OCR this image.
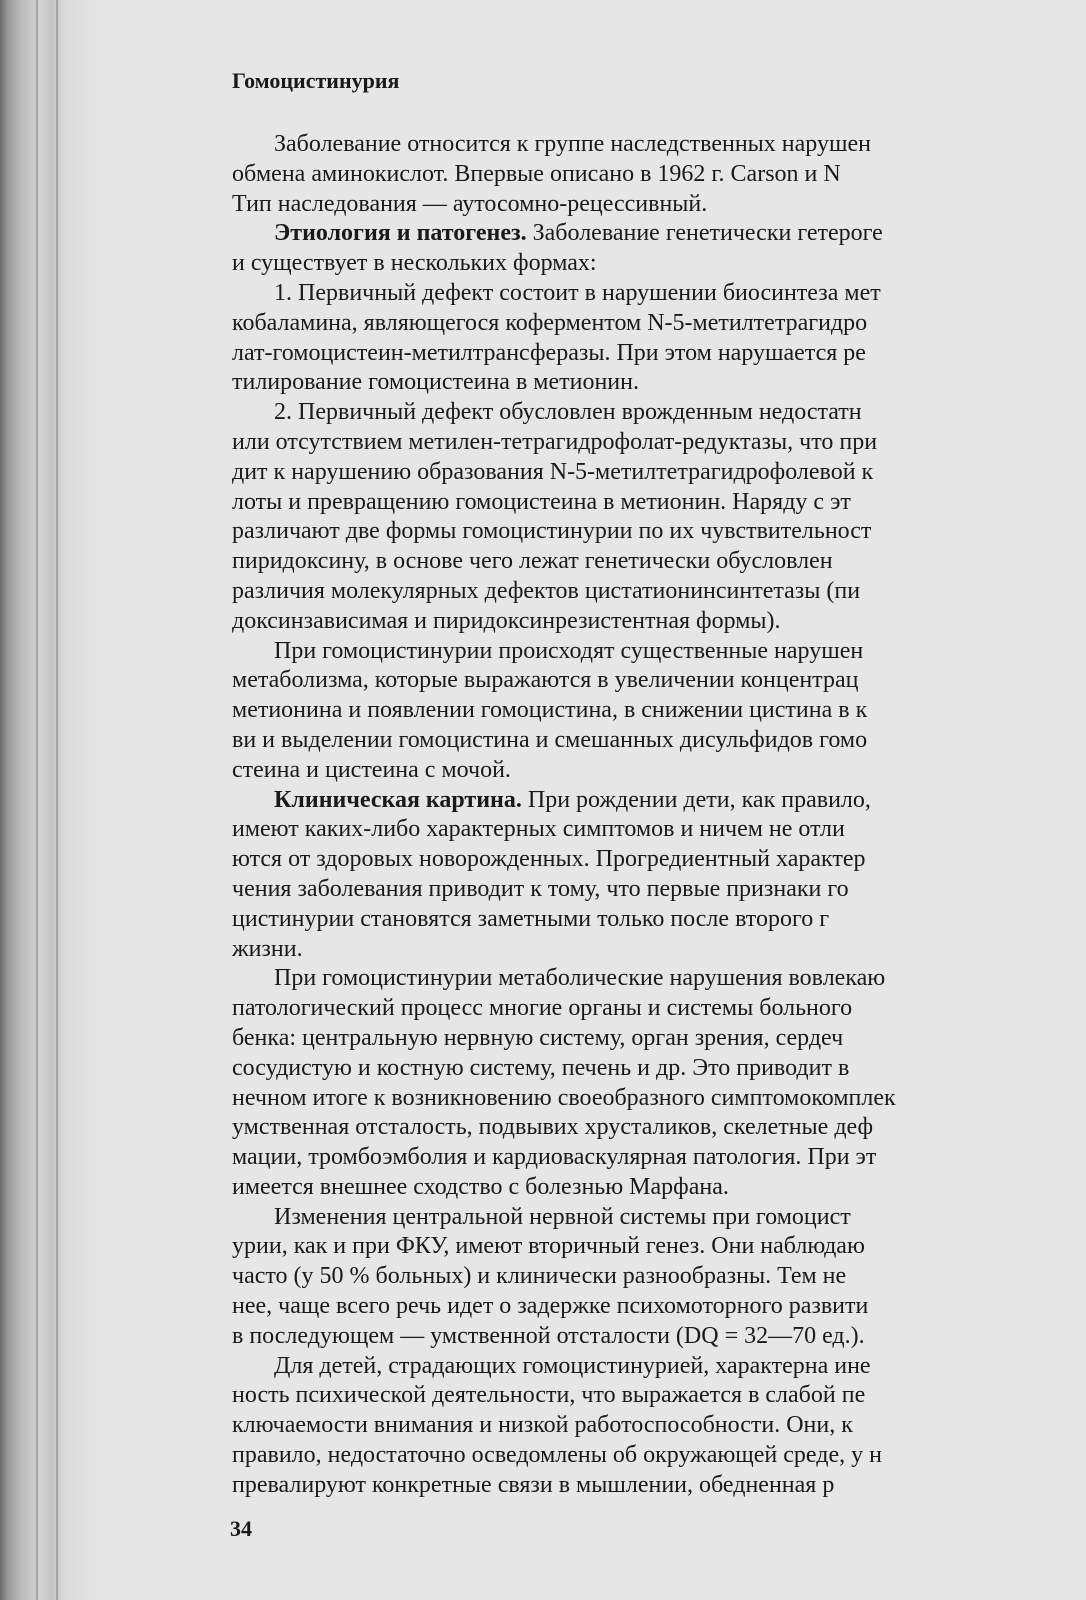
Гомоцистинурия
Заболевание относится к группе наследственных нарушен
обмена аминокислот. Впервые описано в 1962 г. Carson и N
Тип наследования — аутосомно-рецессивный.
Этиология и патогенез. Заболевание генетически гетероге
и существует в нескольких формах:
1. Первичный дефект состоит в нарушении биосинтеза мет
кобаламина, являющегося коферментом N-5-метилтетрагидро
лат-гомоцистеин-метилтрансферазы. При этом нарушается ре
тилирование гомоцистеина в метионин.
2. Первичный дефект обусловлен врожденным недостатн
или отсутствием метилен-тетрагидрофолат-редуктазы, что при
дит к нарушению образования N-5-метилтетрагидрофолевой к
лоты и превращению гомоцистеина в метионин. Наряду с эт
различают две формы гомоцистинурии по их чувствительност
пиридоксину, в основе чего лежат генетически обусловлен
различия молекулярных дефектов цистатионинсинтетазы (пи
доксинзависимая и пиридоксинрезистентная формы).
При гомоцистинурии происходят существенные нарушен
метаболизма, которые выражаются в увеличении концентрац
метионина и появлении гомоцистина, в снижении цистина в к
ви и выделении гомоцистина и смешанных дисульфидов гомо
стеина и цистеина с мочой.
Клиническая картина. При рождении дети, как правило,
имеют каких-либо характерных симптомов и ничем не отли
ются от здоровых новорожденных. Прогредиентный характер
чения заболевания приводит к тому, что первые признаки го
цистинурии становятся заметными только после второго г
жизни.
При гомоцистинурии метаболические нарушения вовлекаю
патологический процесс многие органы и системы больного
бенка: центральную нервную систему, орган зрения, сердеч
сосудистую и костную систему, печень и др. Это приводит в
нечном итоге к возникновению своеобразного симптомокомплек
умственная отсталость, подвывих хрусталиков, скелетные деф
мации, тромбоэмболия и кардиоваскулярная патология. При эт
имеется внешнее сходство с болезнью Марфана.
Изменения центральной нервной системы при гомоцист
урии, как и при ФКУ, имеют вторичный генез. Они наблюдаю
часто (у 50 % больных) и клинически разнообразны. Тем не
нее, чаще всего речь идет о задержке психомоторного развити
в последующем — умственной отсталости (DQ = 32—70 ед.).
Для детей, страдающих гомоцистинурией, характерна ине
ность психической деятельности, что выражается в слабой пе
ключаемости внимания и низкой работоспособности. Они, к
правило, недостаточно осведомлены об окружающей среде, у н
превалируют конкретные связи в мышлении, обедненная р
34
